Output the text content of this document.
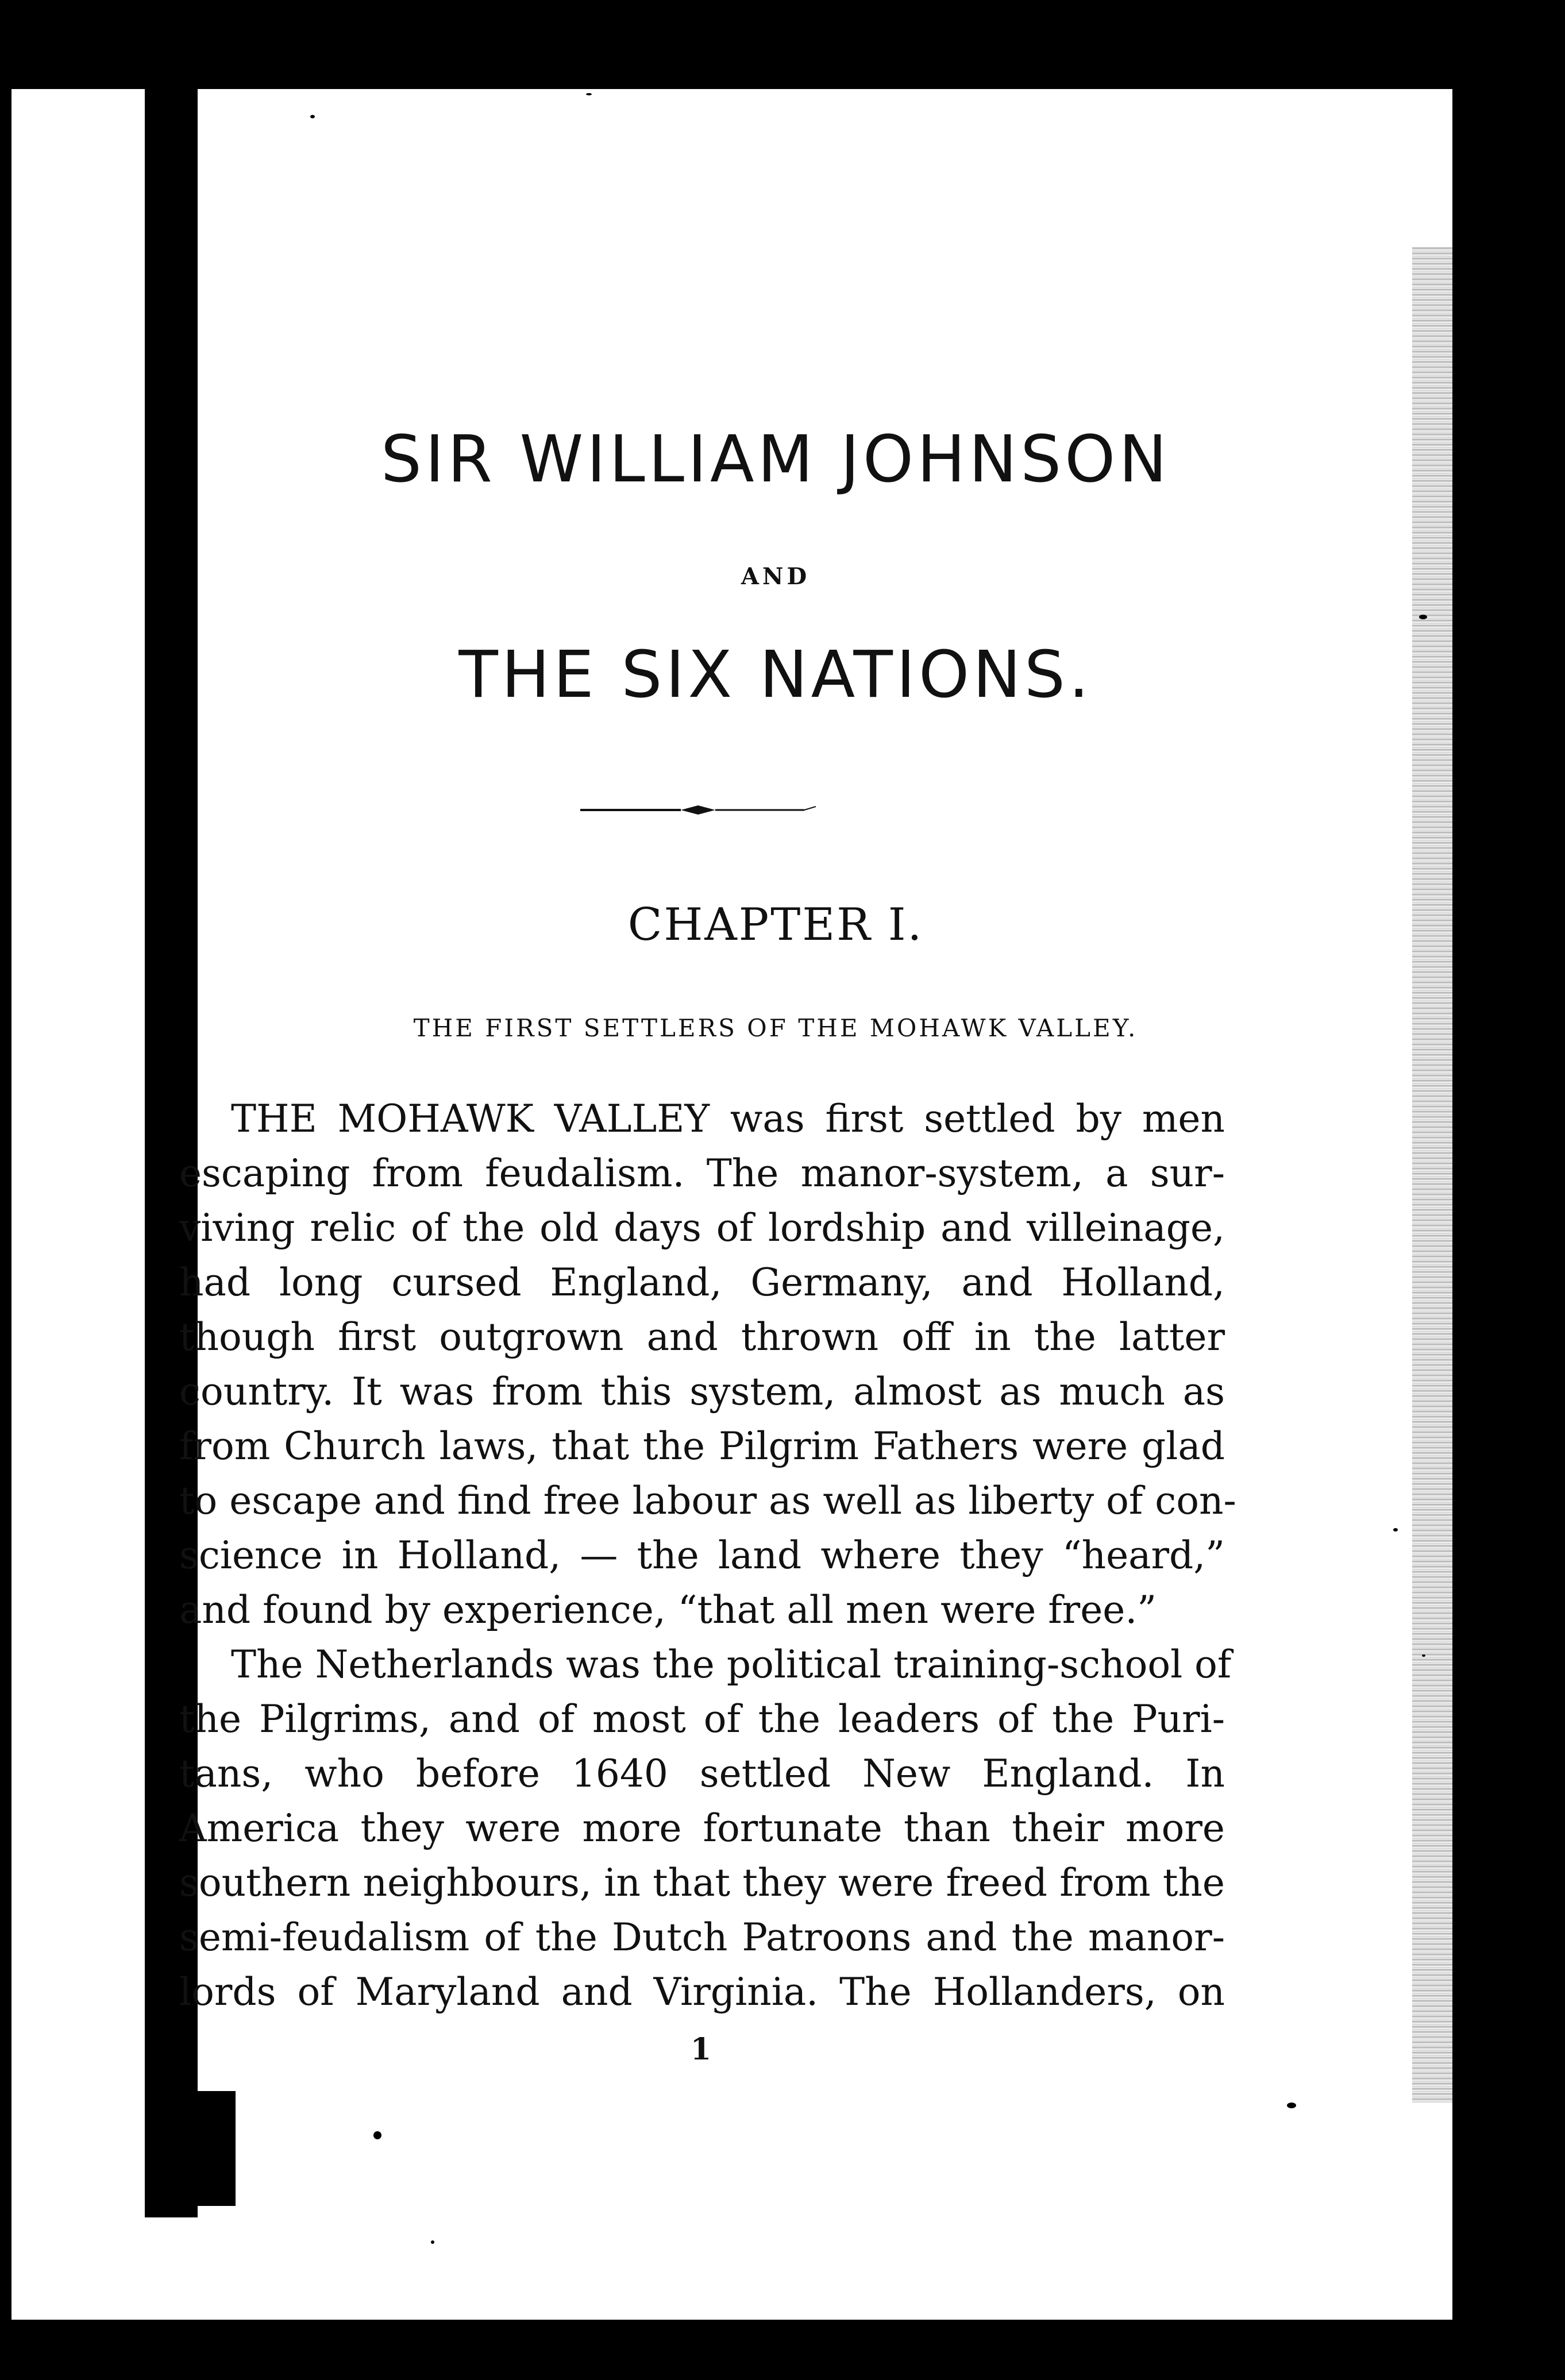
SIR WILLIAM JOHNSON
AND
THE SIX NATIONS.
CHAPTER I.
THE FIRST SETTLERS OF THE MOHAWK VALLEY.
THE MOHAWK VALLEY was first settled by men
escaping from feudalism. The manor-system, a sur-
viving relic of the old days of lordship and villeinage,
had long cursed England, Germany, and Holland,
though first outgrown and thrown off in the latter
country. It was from this system, almost as much as
from Church laws, that the Pilgrim Fathers were glad
to escape and find free labour as well as liberty of con-
science in Holland, — the land where they “heard,”
and found by experience, “that all men were free.”
The Netherlands was the political training-school of
the Pilgrims, and of most of the leaders of the Puri-
tans, who before 1640 settled New England. In
America they were more fortunate than their more
southern neighbours, in that they were freed from the
semi-feudalism of the Dutch Patroons and the manor-
lords of Maryland and Virginia. The Hollanders, on
1
